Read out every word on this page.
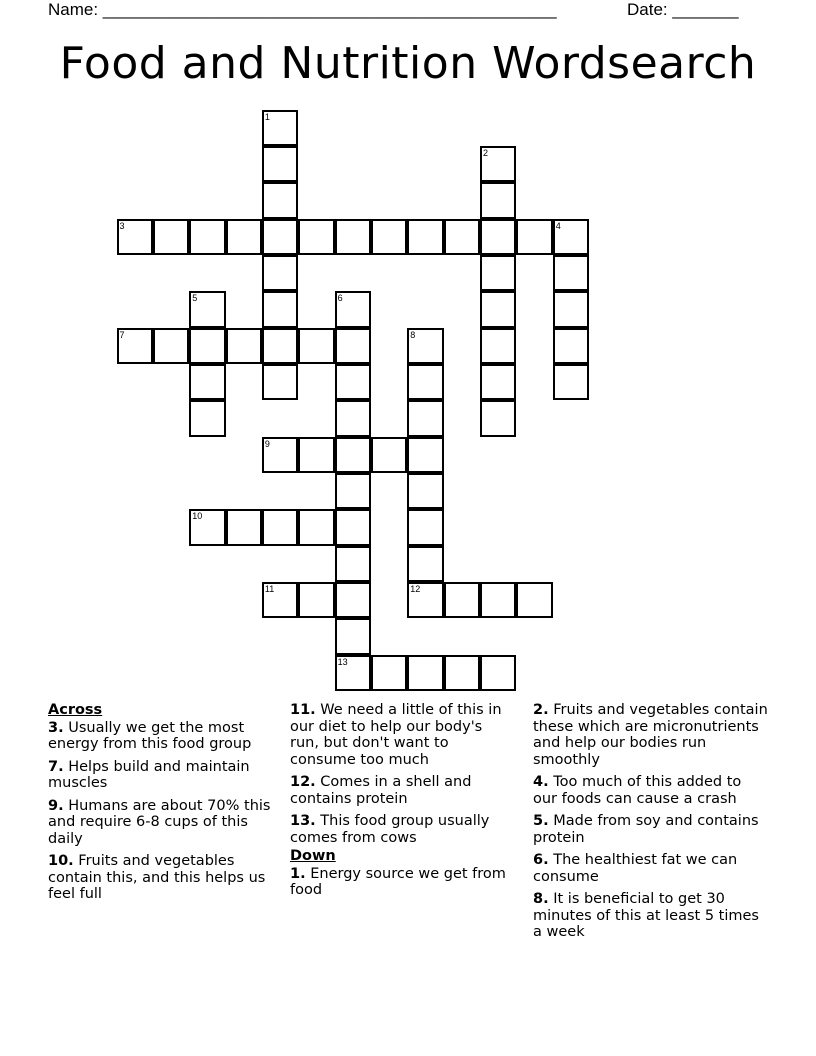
Name: ________________________________________________	Date: _______
Food and Nutrition Wordsearch
1
2
3	4
5	6
13
7	8
12
9
10
11
Across
3. Usually we get the most energy from this food group
7. Helps build and maintain muscles
9. Humans are about 70% this and require 6-8 cups of this daily
10. Fruits and vegetables contain this, and this helps us feel full
11. We need a little of this in our diet to help our body's run, but don't want to consume too much
12. Comes in a shell and contains protein
13. This food group usually comes from cows
Down
1. Energy source we get from food
2. Fruits and vegetables contain these which are micronutrients and help our bodies run smoothly
4. Too much of this added to our foods can cause a crash
5. Made from soy and contains protein
6. The healthiest fat we can consume
8. It is beneficial to get 30 minutes of this at least 5 times a week
